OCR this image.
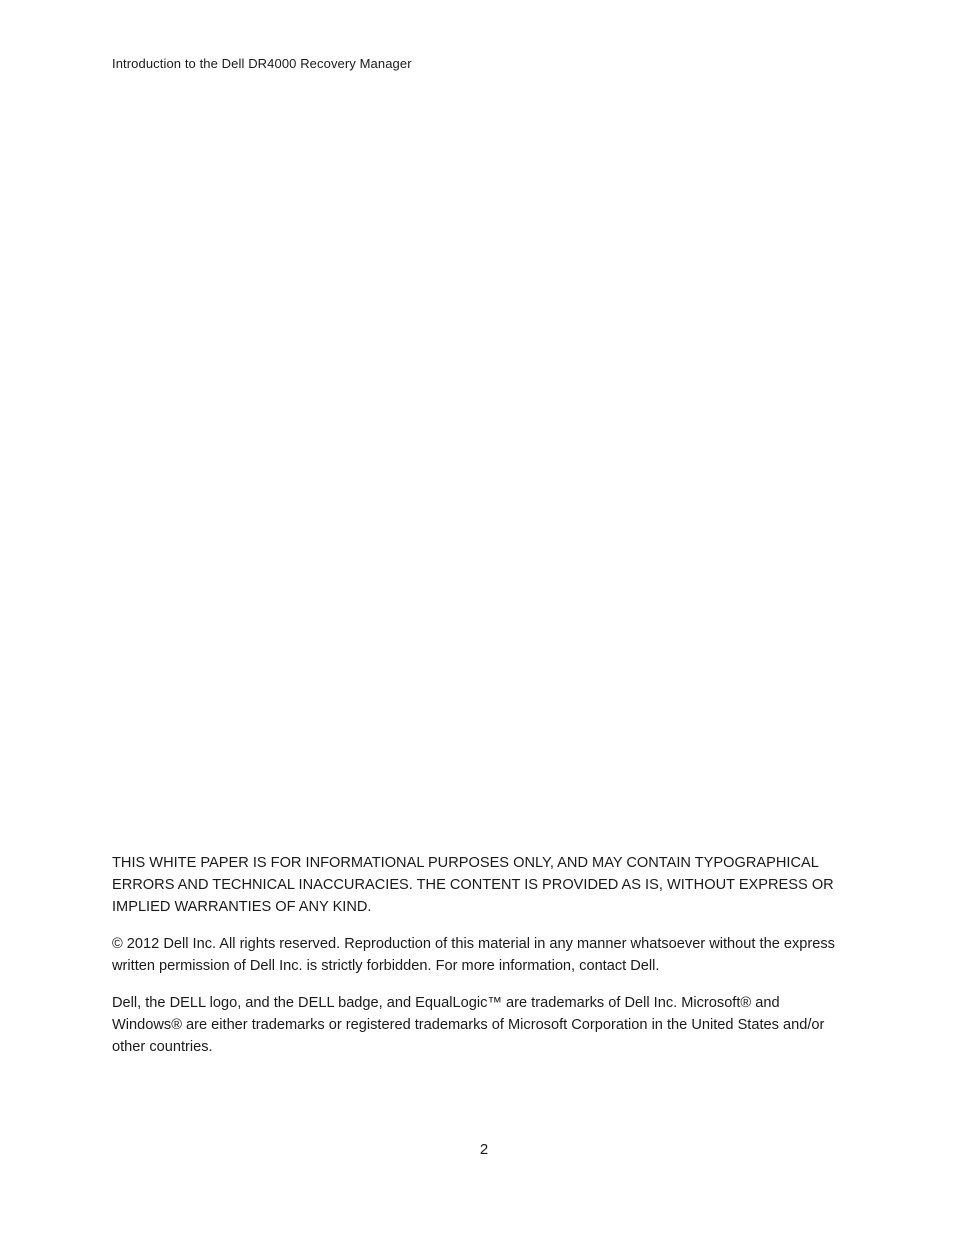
Introduction to the Dell DR4000 Recovery Manager

THIS WHITE PAPER IS FOR INFORMATIONAL PURPOSES ONLY, AND MAY CONTAIN TYPOGRAPHICAL ERRORS AND TECHNICAL INACCURACIES. THE CONTENT IS PROVIDED AS IS, WITHOUT EXPRESS OR IMPLIED WARRANTIES OF ANY KIND.

© 2012 Dell Inc. All rights reserved. Reproduction of this material in any manner whatsoever without the express written permission of Dell Inc. is strictly forbidden. For more information, contact Dell.

Dell, the DELL logo, and the DELL badge, and EqualLogic™ are trademarks of Dell Inc. Microsoft® and Windows® are either trademarks or registered trademarks of Microsoft Corporation in the United States and/or other countries.

2
